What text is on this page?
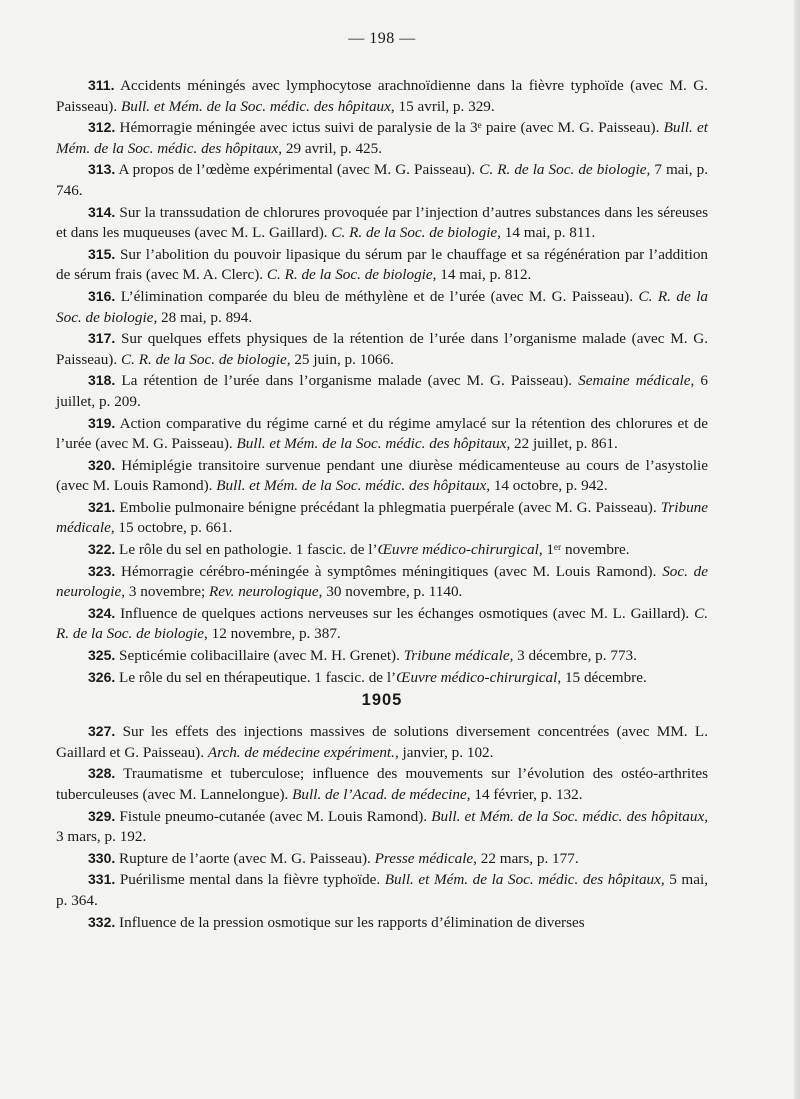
— 198 —

311. Accidents méningés avec lymphocytose arachnoïdienne dans la fièvre typhoïde (avec M. G. Paisseau). Bull. et Mém. de la Soc. médic. des hôpitaux, 15 avril, p. 329.

312. Hémorragie méningée avec ictus suivi de paralysie de la 3ᵉ paire (avec M. G. Paisseau). Bull. et Mém. de la Soc. médic. des hôpitaux, 29 avril, p. 425.

313. A propos de l’œdème expérimental (avec M. G. Paisseau). C. R. de la Soc. de biologie, 7 mai, p. 746.

314. Sur la transsudation de chlorures provoquée par l’injection d’autres substances dans les séreuses et dans les muqueuses (avec M. L. Gaillard). C. R. de la Soc. de biologie, 14 mai, p. 811.

315. Sur l’abolition du pouvoir lipasique du sérum par le chauffage et sa régénération par l’addition de sérum frais (avec M. A. Clerc). C. R. de la Soc. de biologie, 14 mai, p. 812.

316. L’élimination comparée du bleu de méthylène et de l’urée (avec M. G. Paisseau). C. R. de la Soc. de biologie, 28 mai, p. 894.

317. Sur quelques effets physiques de la rétention de l’urée dans l’organisme malade (avec M. G. Paisseau). C. R. de la Soc. de biologie, 25 juin, p. 1066.

318. La rétention de l’urée dans l’organisme malade (avec M. G. Paisseau). Semaine médicale, 6 juillet, p. 209.

319. Action comparative du régime carné et du régime amylacé sur la rétention des chlorures et de l’urée (avec M. G. Paisseau). Bull. et Mém. de la Soc. médic. des hôpitaux, 22 juillet, p. 861.

320. Hémiplégie transitoire survenue pendant une diurèse médicamenteuse au cours de l’asystolie (avec M. Louis Ramond). Bull. et Mém. de la Soc. médic. des hôpitaux, 14 octobre, p. 942.

321. Embolie pulmonaire bénigne précédant la phlegmatia puerpérale (avec M. G. Paisseau). Tribune médicale, 15 octobre, p. 661.

322. Le rôle du sel en pathologie. 1 fascic. de l’Œuvre médico-chirurgical, 1ᵉʳ novembre.

323. Hémorragie cérébro-méningée à symptômes méningitiques (avec M. Louis Ramond). Soc. de neurologie, 3 novembre; Rev. neurologique, 30 novembre, p. 1140.

324. Influence de quelques actions nerveuses sur les échanges osmotiques (avec M. L. Gaillard). C. R. de la Soc. de biologie, 12 novembre, p. 387.

325. Septicémie colibacillaire (avec M. H. Grenet). Tribune médicale, 3 décembre, p. 773.

326. Le rôle du sel en thérapeutique. 1 fascic. de l’Œuvre médico-chirurgical, 15 décembre.

1905

327. Sur les effets des injections massives de solutions diversement concentrées (avec MM. L. Gaillard et G. Paisseau). Arch. de médecine expériment., janvier, p. 102.

328. Traumatisme et tuberculose; influence des mouvements sur l’évolution des ostéo-arthrites tuberculeuses (avec M. Lannelongue). Bull. de l’Acad. de médecine, 14 février, p. 132.

329. Fistule pneumo-cutanée (avec M. Louis Ramond). Bull. et Mém. de la Soc. médic. des hôpitaux, 3 mars, p. 192.

330. Rupture de l’aorte (avec M. G. Paisseau). Presse médicale, 22 mars, p. 177.

331. Puérilisme mental dans la fièvre typhoïde. Bull. et Mém. de la Soc. médic. des hôpitaux, 5 mai, p. 364.

332. Influence de la pression osmotique sur les rapports d’élimination de diverses
